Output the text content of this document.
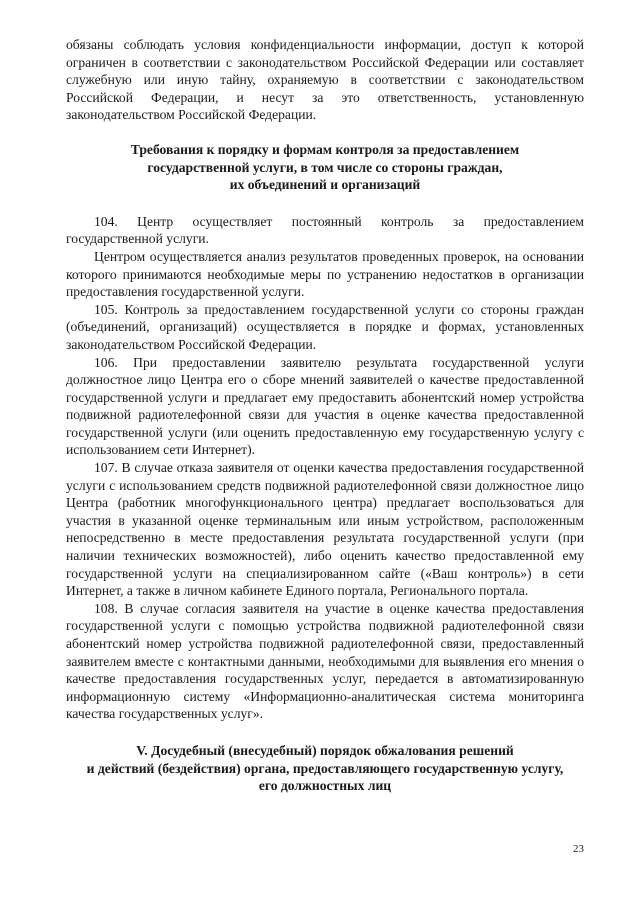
обязаны соблюдать условия конфиденциальности информации, доступ к которой ограничен в соответствии с законодательством Российской Федерации или составляет служебную или иную тайну, охраняемую в соответствии с законодательством Российской Федерации, и несут за это ответственность, установленную законодательством Российской Федерации.

Требования к порядку и формам контроля за предоставлением
государственной услуги, в том числе со стороны граждан,
их объединений и организаций

104. Центр осуществляет постоянный контроль за предоставлением государственной услуги.

Центром осуществляется анализ результатов проведенных проверок, на основании которого принимаются необходимые меры по устранению недостатков в организации предоставления государственной услуги.

105. Контроль за предоставлением государственной услуги со стороны граждан (объединений, организаций) осуществляется в порядке и формах, установленных законодательством Российской Федерации.

106. При предоставлении заявителю результата государственной услуги должностное лицо Центра его о сборе мнений заявителей о качестве предоставленной государственной услуги и предлагает ему предоставить абонентский номер устройства подвижной радиотелефонной связи для участия в оценке качества предоставленной государственной услуги (или оценить предоставленную ему государственную услугу с использованием сети Интернет).

107. В случае отказа заявителя от оценки качества предоставления государственной услуги с использованием средств подвижной радиотелефонной связи должностное лицо Центра (работник многофункционального центра) предлагает воспользоваться для участия в указанной оценке терминальным или иным устройством, расположенным непосредственно в месте предоставления результата государственной услуги (при наличии технических возможностей), либо оценить качество предоставленной ему государственной услуги на специализированном сайте («Ваш контроль») в сети Интернет, а также в личном кабинете Единого портала, Регионального портала.

108. В случае согласия заявителя на участие в оценке качества предоставления государственной услуги с помощью устройства подвижной радиотелефонной связи абонентский номер устройства подвижной радиотелефонной связи, предоставленный заявителем вместе с контактными данными, необходимыми для выявления его мнения о качестве предоставления государственных услуг, передается в автоматизированную информационную систему «Информационно-аналитическая система мониторинга качества государственных услуг».

V. Досудебный (внесудебный) порядок обжалования решений
и действий (бездействия) органа, предоставляющего государственную услугу,
его должностных лиц

23
